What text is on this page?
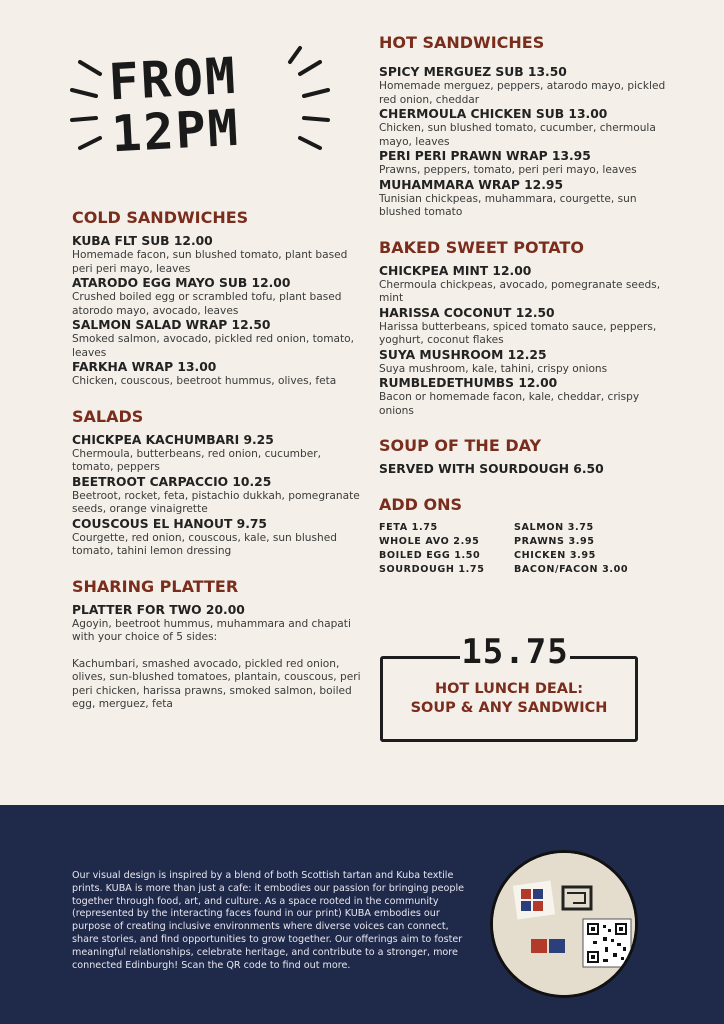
FROM
12PM
COLD SANDWICHES
KUBA FLT SUB 12.00
Homemade facon, sun blushed tomato, plant based peri peri mayo, leaves
ATARODO EGG MAYO SUB 12.00
Crushed boiled egg or scrambled tofu, plant based atorodo mayo, avocado, leaves
SALMON SALAD WRAP 12.50
Smoked salmon, avocado, pickled red onion, tomato, leaves
FARKHA WRAP 13.00
Chicken, couscous, beetroot hummus, olives, feta
SALADS
CHICKPEA KACHUMBARI 9.25
Chermoula, butterbeans, red onion, cucumber, tomato, peppers
BEETROOT CARPACCIO 10.25
Beetroot, rocket, feta, pistachio dukkah, pomegranate seeds, orange vinaigrette
COUSCOUS EL HANOUT 9.75
Courgette, red onion, couscous, kale, sun blushed tomato, tahini lemon dressing
SHARING PLATTER
PLATTER FOR TWO 20.00
Agoyin, beetroot hummus, muhammara and chapati with your choice of 5 sides:
Kachumbari, smashed avocado, pickled red onion, olives, sun-blushed tomatoes, plantain, couscous, peri peri chicken, harissa prawns, smoked salmon, boiled egg, merguez, feta
HOT SANDWICHES
SPICY MERGUEZ SUB 13.50
Homemade merguez, peppers, atarodo mayo, pickled red onion, cheddar
CHERMOULA CHICKEN SUB 13.00
Chicken, sun blushed tomato, cucumber, chermoula mayo, leaves
PERI PERI PRAWN WRAP 13.95
Prawns, peppers, tomato, peri peri mayo, leaves
MUHAMMARA WRAP 12.95
Tunisian chickpeas, muhammara, courgette, sun blushed tomato
BAKED SWEET POTATO
CHICKPEA MINT 12.00
Chermoula chickpeas, avocado, pomegranate seeds, mint
HARISSA COCONUT 12.50
Harissa butterbeans, spiced tomato sauce, peppers, yoghurt, coconut flakes
SUYA MUSHROOM 12.25
Suya mushroom, kale, tahini, crispy onions
RUMBLEDETHUMBS 12.00
Bacon or homemade facon, kale, cheddar, crispy onions
SOUP OF THE DAY
SERVED WITH SOURDOUGH 6.50
ADD ONS
FETA 1.75	SALMON 3.75
WHOLE AVO 2.95	PRAWNS 3.95
BOILED EGG 1.50	CHICKEN 3.95
SOURDOUGH 1.75	BACON/FACON 3.00
15.75
HOT LUNCH DEAL:
SOUP & ANY SANDWICH
Our visual design is inspired by a blend of both Scottish tartan and Kuba textile prints. KUBA is more than just a cafe: it embodies our passion for bringing people together through food, art, and culture. As a space rooted in the community (represented by the interacting faces found in our print) KUBA embodies our purpose of creating inclusive environments where diverse voices can connect, share stories, and find opportunities to grow together. Our offerings aim to foster meaningful relationships, celebrate heritage, and contribute to a stronger, more connected Edinburgh! Scan the QR code to find out more.
